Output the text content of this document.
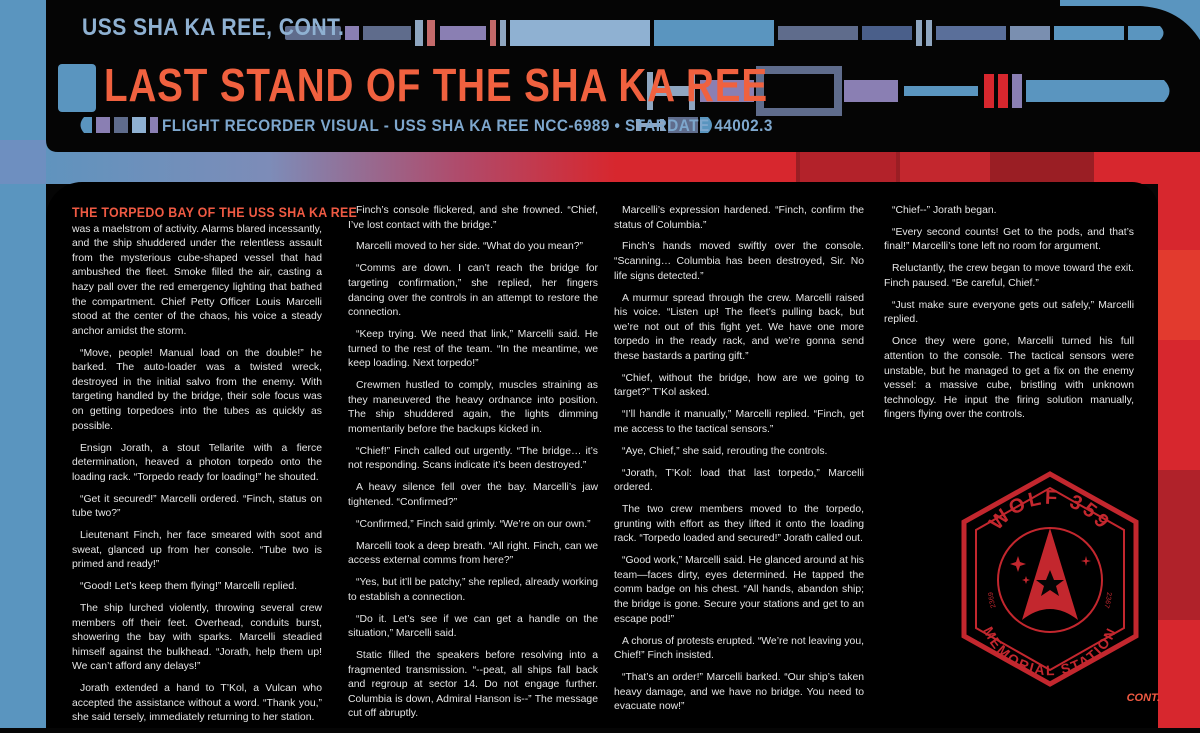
USS SHA KA REE, CONT.
LAST STAND OF THE SHA KA REE
FLIGHT RECORDER VISUAL - USS SHA KA REE NCC-6989 • STARDATE 44002.3
THE TORPEDO BAY OF THE USS SHA KA REE

was a maelstrom of activity. Alarms blared incessantly, and the ship shuddered under the relentless assault from the mysterious cube-shaped vessel that had ambushed the fleet. Smoke filled the air, casting a hazy pall over the red emergency lighting that bathed the compartment. Chief Petty Officer Louis Marcelli stood at the center of the chaos, his voice a steady anchor amidst the storm.

“Move, people! Manual load on the double!” he barked. The auto-loader was a twisted wreck, destroyed in the initial salvo from the enemy. With targeting handled by the bridge, their sole focus was on getting torpedoes into the tubes as quickly as possible.

Ensign Jorath, a stout Tellarite with a fierce determination, heaved a photon torpedo onto the loading rack. “Torpedo ready for loading!” he shouted.

“Get it secured!” Marcelli ordered. “Finch, status on tube two?”

Lieutenant Finch, her face smeared with soot and sweat, glanced up from her console. “Tube two is primed and ready!”

“Good! Let’s keep them flying!” Marcelli replied.

The ship lurched violently, throwing several crew members off their feet. Overhead, conduits burst, showering the bay with sparks. Marcelli steadied himself against the bulkhead. “Jorath, help them up! We can’t afford any delays!”

Jorath extended a hand to T’Kol, a Vulcan who accepted the assistance without a word. “Thank you,” she said tersely, immediately returning to her station.

Finch’s console flickered, and she frowned. “Chief, I’ve lost contact with the bridge.”

Marcelli moved to her side. “What do you mean?”

“Comms are down. I can’t reach the bridge for targeting confirmation,” she replied, her fingers dancing over the controls in an attempt to restore the connection.

“Keep trying. We need that link,” Marcelli said. He turned to the rest of the team. “In the meantime, we keep loading. Next torpedo!”

Crewmen hustled to comply, muscles straining as they maneuvered the heavy ordnance into position. The ship shuddered again, the lights dimming momentarily before the backups kicked in.

“Chief!” Finch called out urgently. “The bridge… it’s not responding. Scans indicate it’s been destroyed.”

A heavy silence fell over the bay. Marcelli’s jaw tightened. “Confirmed?”

“Confirmed,” Finch said grimly. “We’re on our own.”

Marcelli took a deep breath. “All right. Finch, can we access external comms from here?”

“Yes, but it’ll be patchy,” she replied, already working to establish a connection.

“Do it. Let’s see if we can get a handle on the situation,” Marcelli said.

Static filled the speakers before resolving into a fragmented transmission. “--peat, all ships fall back and regroup at sector 14. Do not engage further. Columbia is down, Admiral Hanson is--” The message cut off abruptly.

Marcelli’s expression hardened. “Finch, confirm the status of Columbia.”

Finch’s hands moved swiftly over the console. “Scanning… Columbia has been destroyed, Sir. No life signs detected.”

A murmur spread through the crew. Marcelli raised his voice. “Listen up! The fleet’s pulling back, but we’re not out of this fight yet. We have one more torpedo in the ready rack, and we’re gonna send these bastards a parting gift.”

“Chief, without the bridge, how are we going to target?” T’Kol asked.

“I’ll handle it manually,” Marcelli replied. “Finch, get me access to the tactical sensors.”

“Aye, Chief,” she said, rerouting the controls.

“Jorath, T’Kol: load that last torpedo,” Marcelli ordered.

The two crew members moved to the torpedo, grunting with effort as they lifted it onto the loading rack. “Torpedo loaded and secured!” Jorath called out.

“Good work,” Marcelli said. He glanced around at his team—faces dirty, eyes determined. He tapped the comm badge on his chest. “All hands, abandon ship; the bridge is gone. Secure your stations and get to an escape pod!”

A chorus of protests erupted. “We’re not leaving you, Chief!” Finch insisted.

“That’s an order!” Marcelli barked. “Our ship’s taken heavy damage, and we have no bridge. You need to evacuate now!”

“Chief--” Jorath began.

“Every second counts! Get to the pods, and that’s final!” Marcelli’s tone left no room for argument.

Reluctantly, the crew began to move toward the exit. Finch paused. “Be careful, Chief.”

“Just make sure everyone gets out safely,” Marcelli replied.

Once they were gone, Marcelli turned his full attention to the console. The tactical sensors were unstable, but he managed to get a fix on the enemy vessel: a massive cube, bristling with unknown technology. He input the firing solution manually, fingers flying over the controls.

WOLF 359
MEMORIAL STATION
2369	2367
CONT.
